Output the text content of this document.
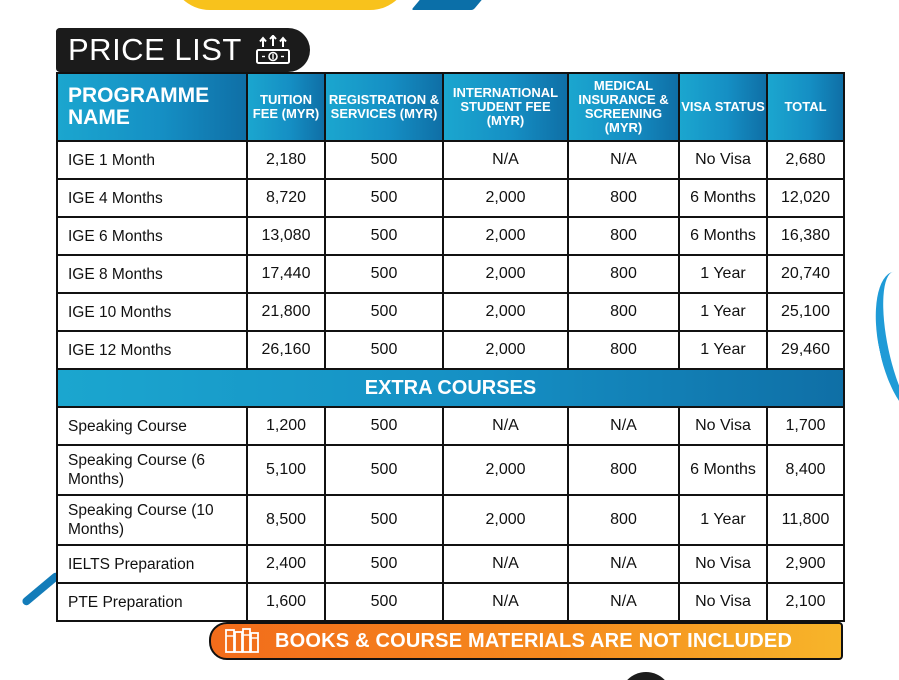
PRICE LIST
PROGRAMME NAME	TUITION FEE (MYR)	REGISTRATION & SERVICES (MYR)	INTERNATIONAL STUDENT FEE (MYR)	MEDICAL INSURANCE & SCREENING (MYR)	VISA STATUS	TOTAL
IGE 1 Month	2,180	500	N/A	N/A	No Visa	2,680
IGE 4 Months	8,720	500	2,000	800	6 Months	12,020
IGE 6 Months	13,080	500	2,000	800	6 Months	16,380
IGE 8 Months	17,440	500	2,000	800	1 Year	20,740
IGE 10 Months	21,800	500	2,000	800	1 Year	25,100
IGE 12 Months	26,160	500	2,000	800	1 Year	29,460
EXTRA COURSES						
Speaking Course	1,200	500	N/A	N/A	No Visa	1,700
Speaking Course (6 Months)	5,100	500	2,000	800	6 Months	8,400
Speaking Course (10 Months)	8,500	500	2,000	800	1 Year	11,800
IELTS Preparation	2,400	500	N/A	N/A	No Visa	2,900
PTE Preparation	1,600	500	N/A	N/A	No Visa	2,100
BOOKS & COURSE MATERIALS ARE NOT INCLUDED
